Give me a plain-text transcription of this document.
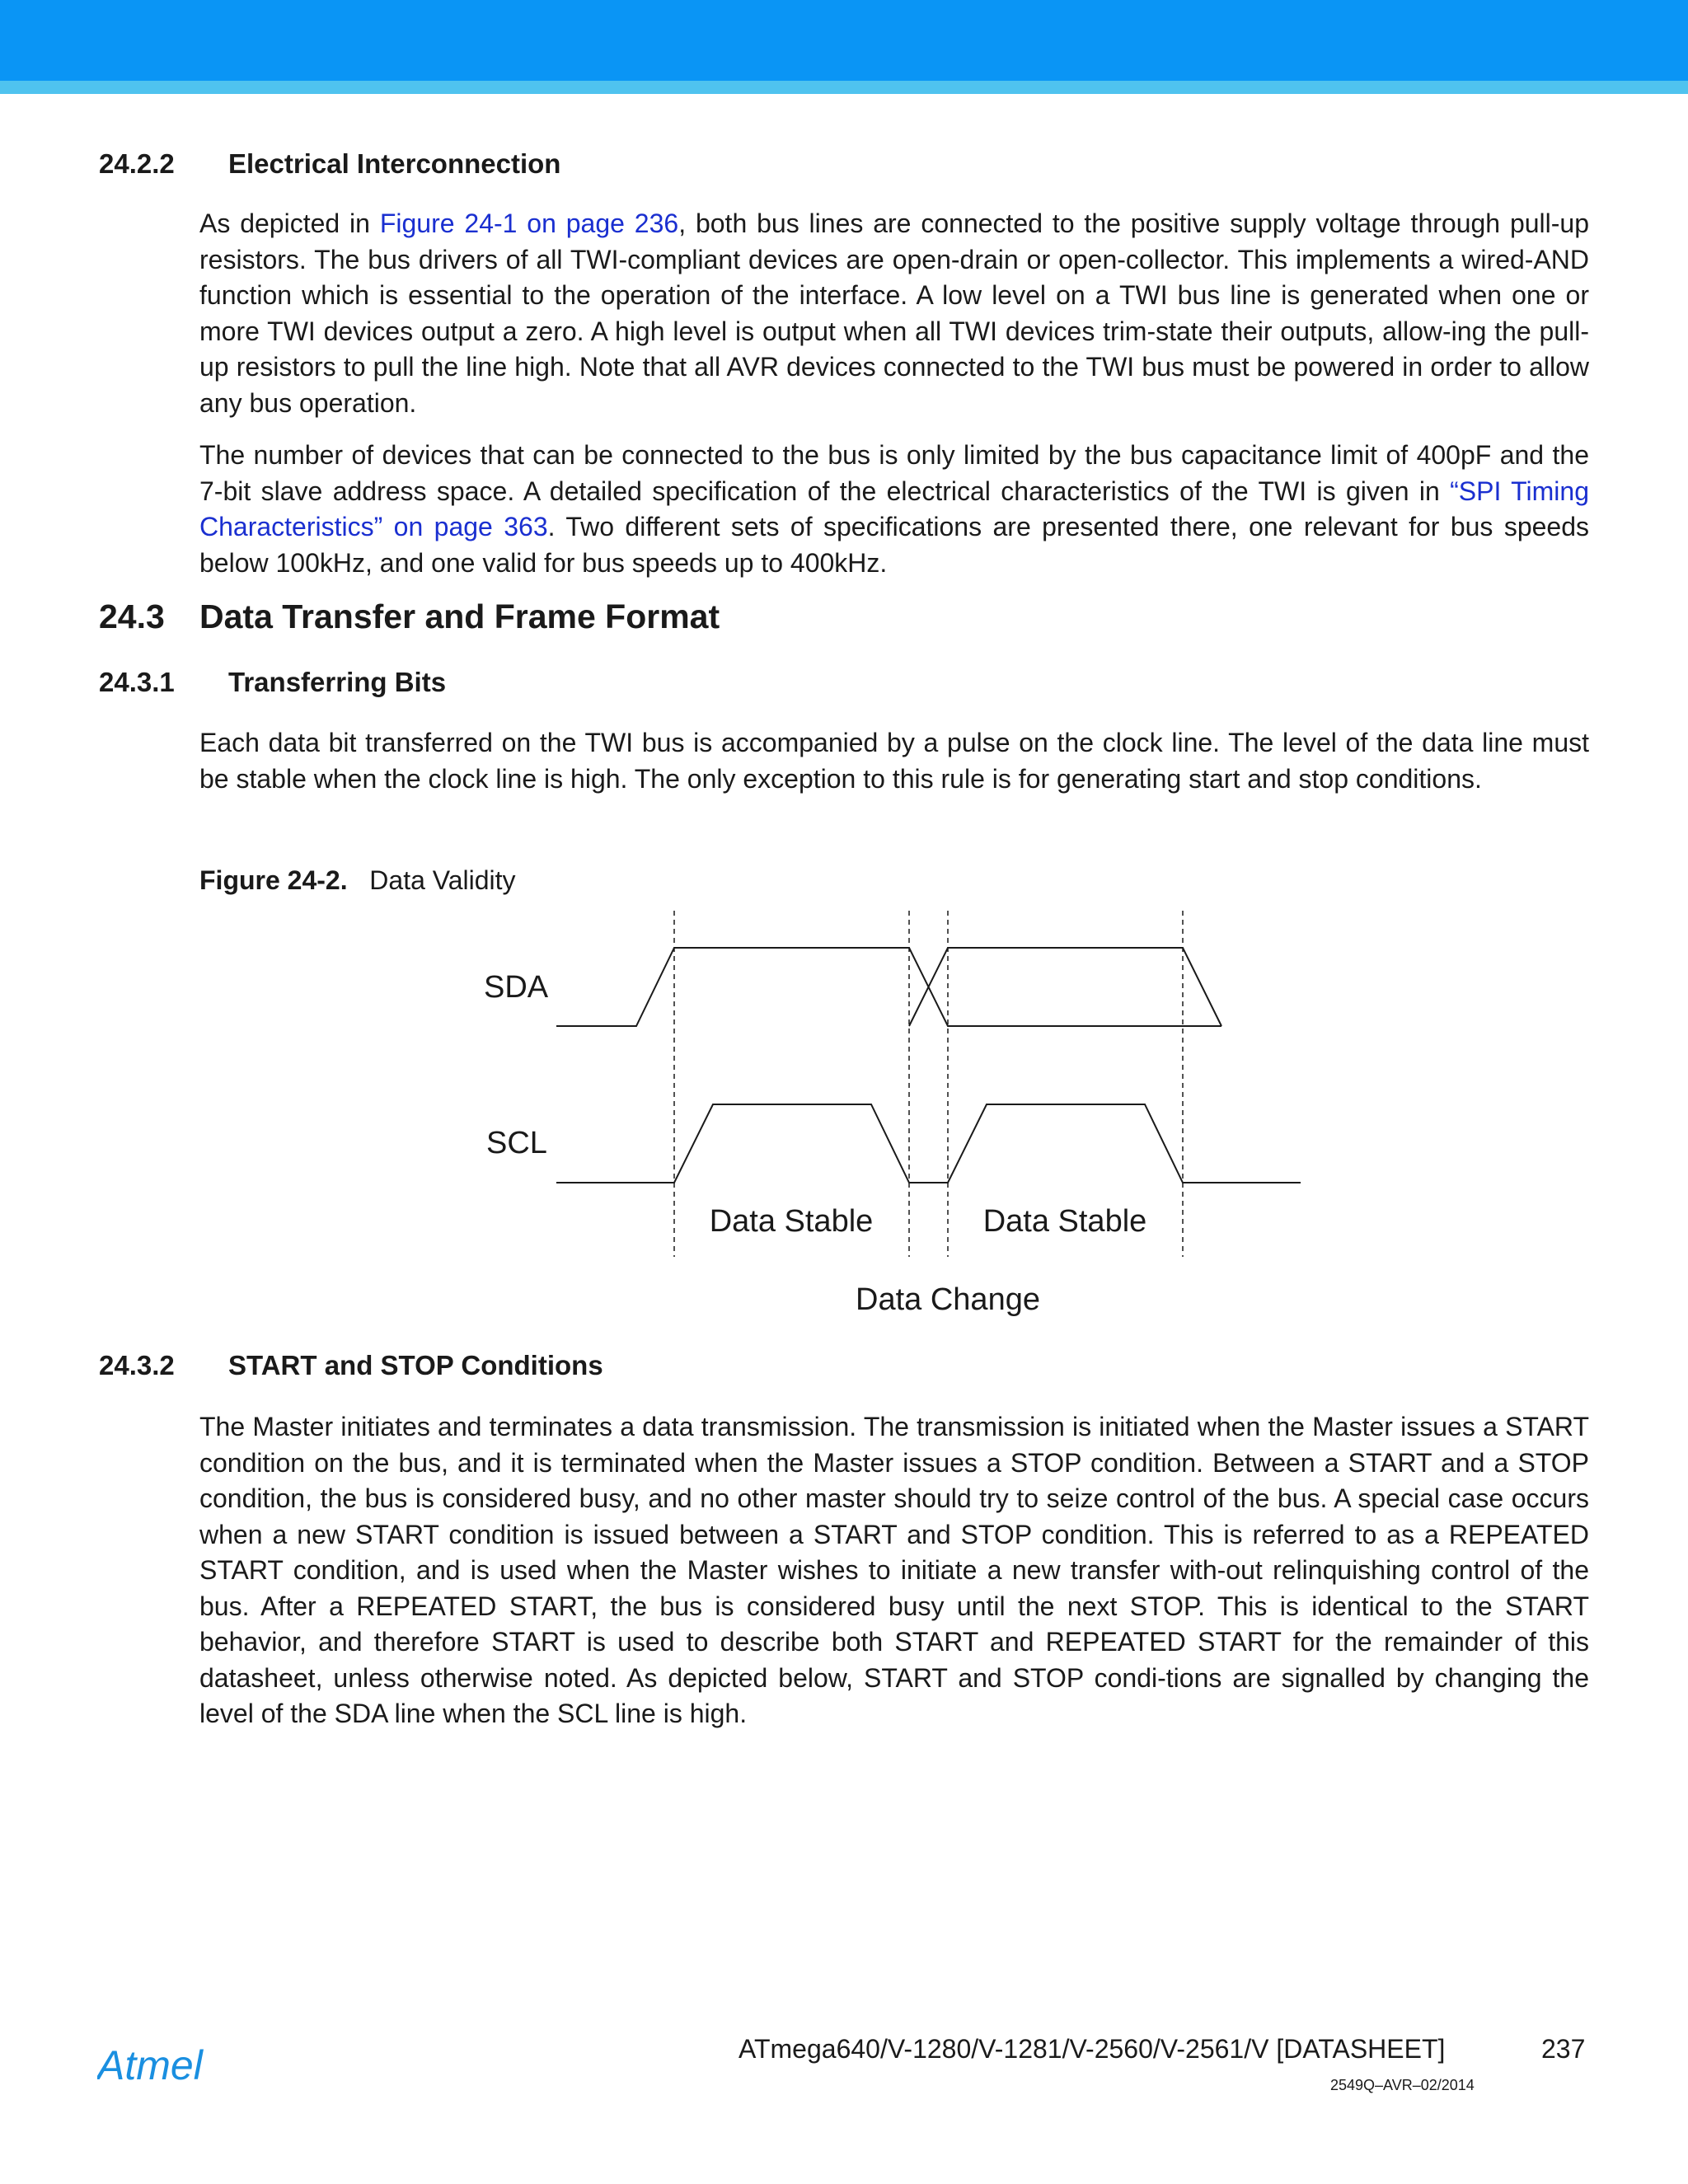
24.2.2 Electrical Interconnection

As depicted in Figure 24-1 on page 236, both bus lines are connected to the positive supply voltage through pull-up resistors. The bus drivers of all TWI-compliant devices are open-drain or open-collector. This implements a wired-AND function which is essential to the operation of the interface. A low level on a TWI bus line is generated when one or more TWI devices output a zero. A high level is output when all TWI devices trim-state their outputs, allow-ing the pull-up resistors to pull the line high. Note that all AVR devices connected to the TWI bus must be powered in order to allow any bus operation.

The number of devices that can be connected to the bus is only limited by the bus capacitance limit of 400pF and the 7-bit slave address space. A detailed specification of the electrical characteristics of the TWI is given in “SPI Timing Characteristics” on page 363. Two different sets of specifications are presented there, one relevant for bus speeds below 100kHz, and one valid for bus speeds up to 400kHz.

24.3 Data Transfer and Frame Format
24.3.1 Transferring Bits

Each data bit transferred on the TWI bus is accompanied by a pulse on the clock line. The level of the data line must be stable when the clock line is high. The only exception to this rule is for generating start and stop conditions.

Figure 24-2. Data Validity
SDA
SCL
Data Stable	Data Stable
Data Change
24.3.2 START and STOP Conditions

The Master initiates and terminates a data transmission. The transmission is initiated when the Master issues a START condition on the bus, and it is terminated when the Master issues a STOP condition. Between a START and a STOP condition, the bus is considered busy, and no other master should try to seize control of the bus. A special case occurs when a new START condition is issued between a START and STOP condition. This is referred to as a REPEATED START condition, and is used when the Master wishes to initiate a new transfer with-out relinquishing control of the bus. After a REPEATED START, the bus is considered busy until the next STOP. This is identical to the START behavior, and therefore START is used to describe both START and REPEATED START for the remainder of this datasheet, unless otherwise noted. As depicted below, START and STOP condi-tions are signalled by changing the level of the SDA line when the SCL line is high.

Atmel	ATmega640/V-1280/V-1281/V-2560/V-2561/V [DATASHEET]	237
2549Q–AVR–02/2014
